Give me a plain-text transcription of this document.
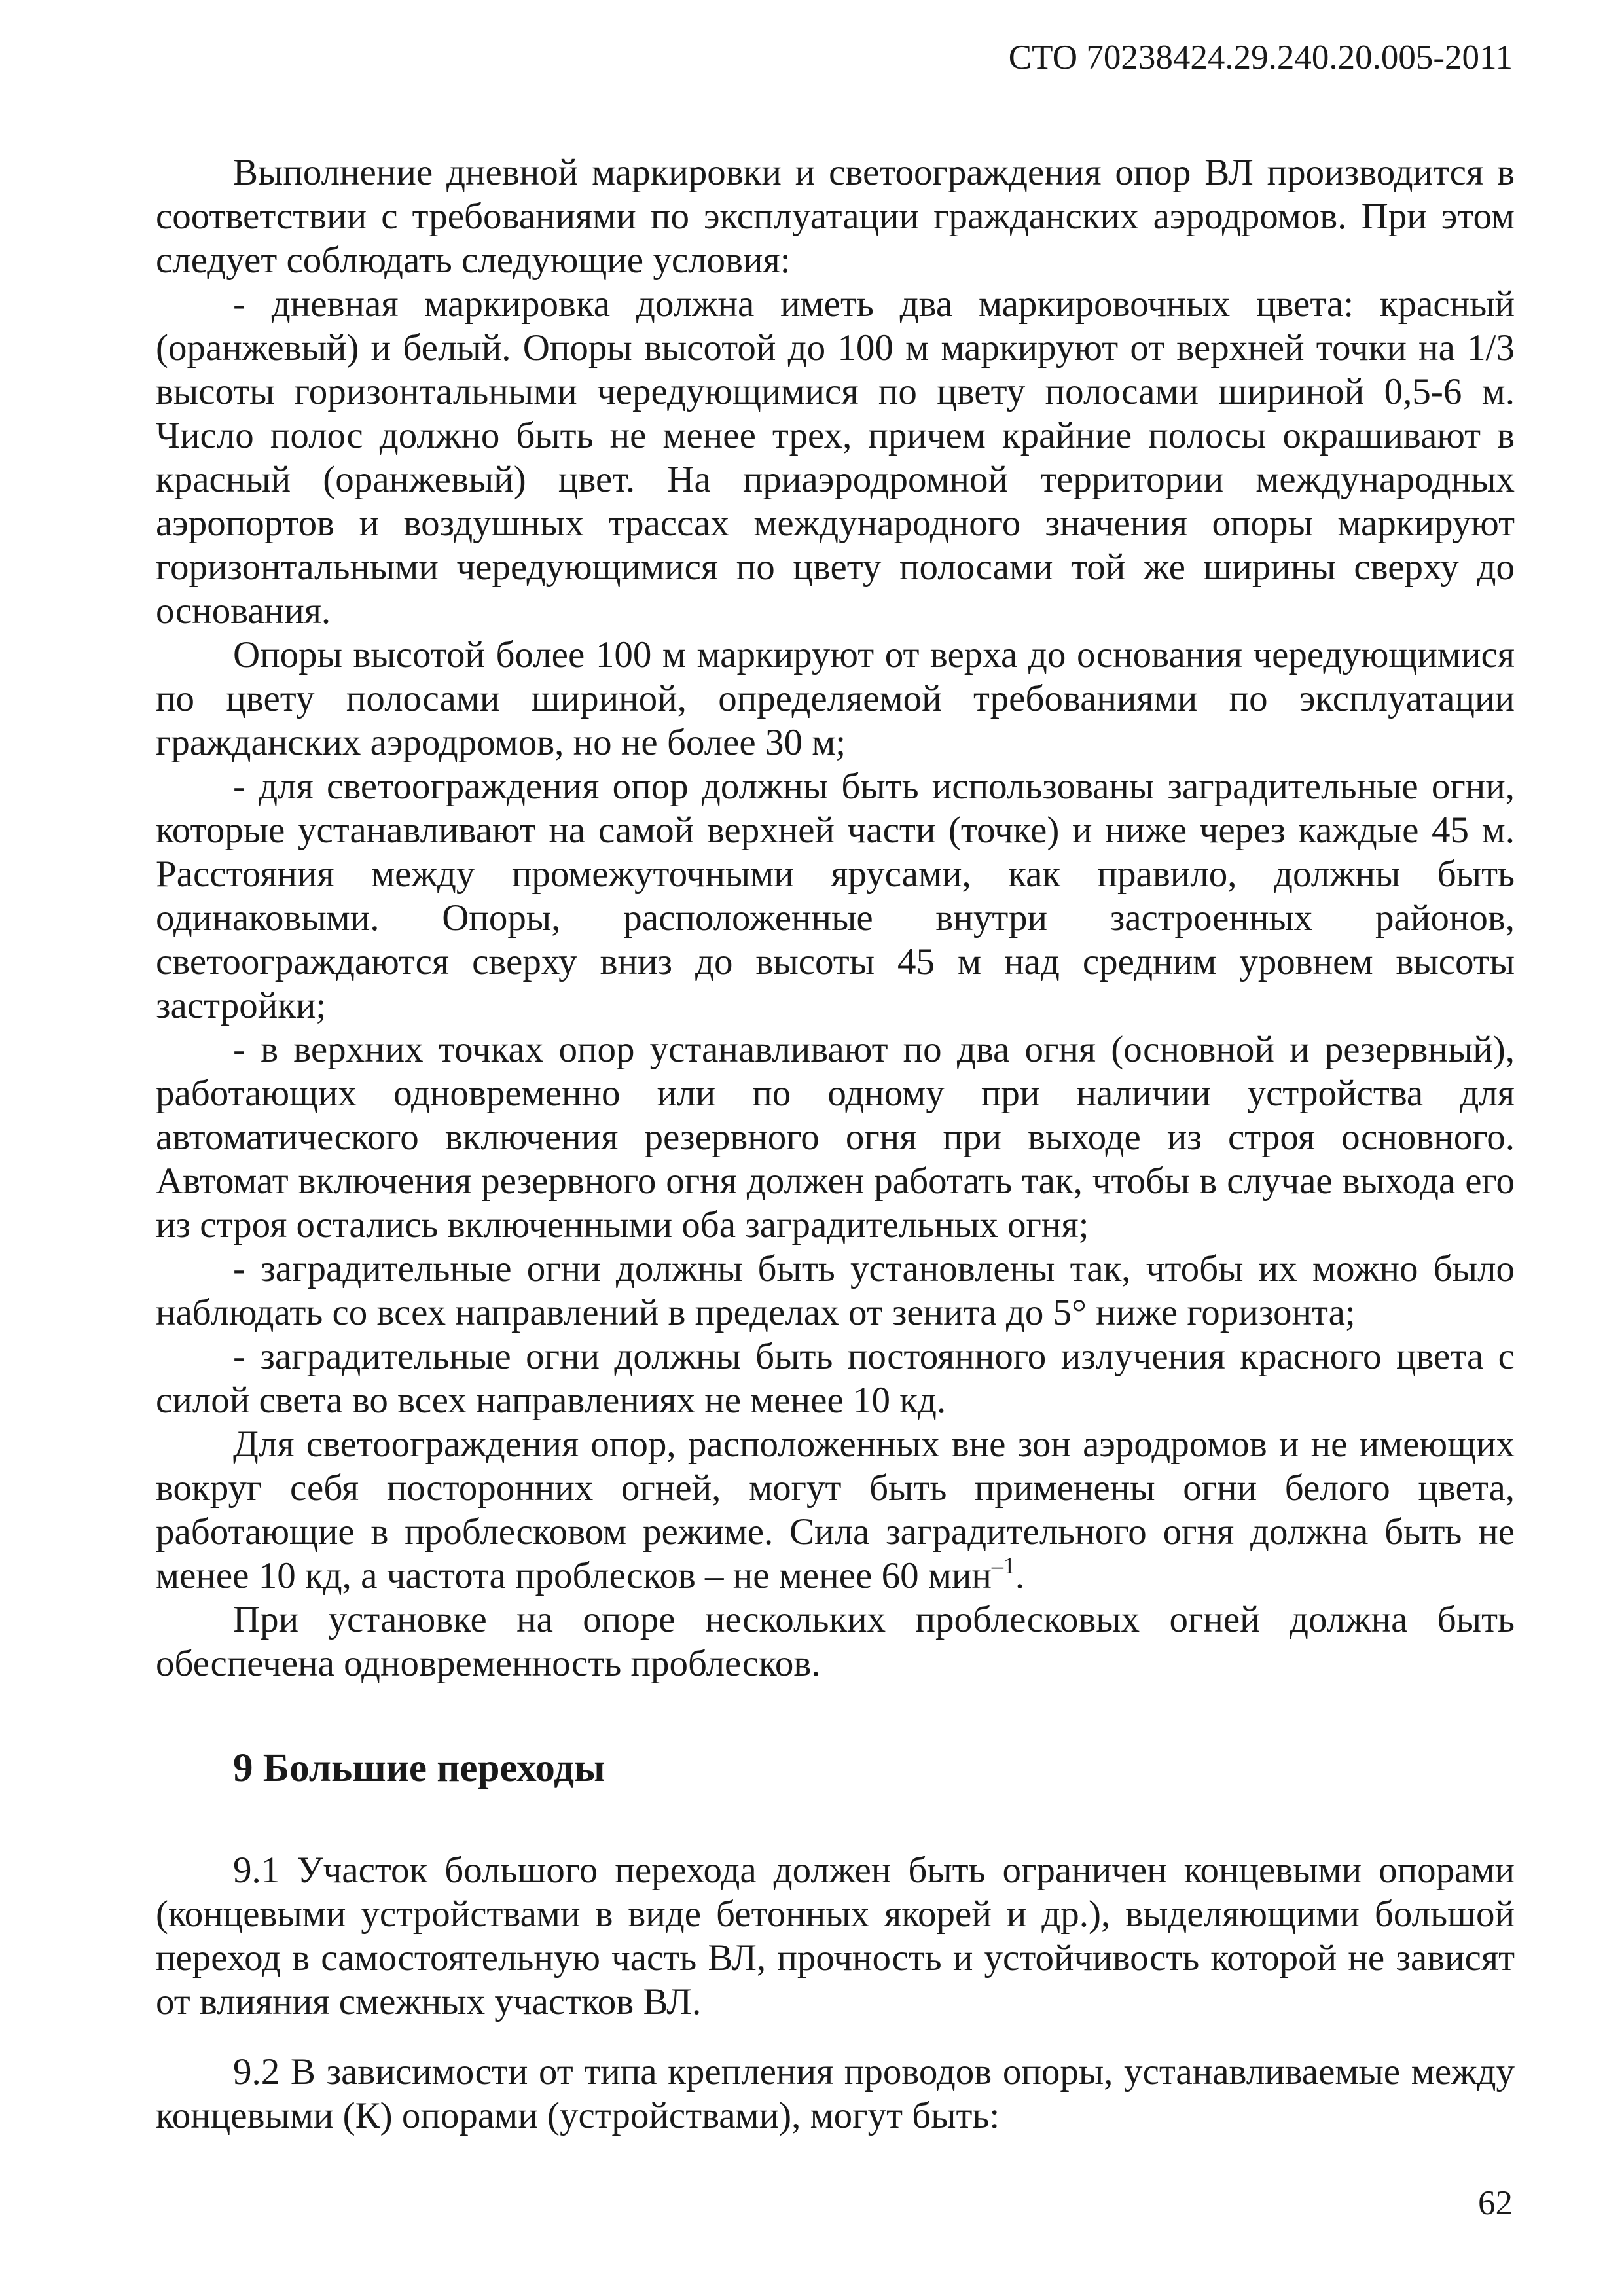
СТО 70238424.29.240.20.005-2011

Выполнение дневной маркировки и светоограждения опор ВЛ производится в соответствии с требованиями по эксплуатации гражданских аэродромов. При этом следует соблюдать следующие условия:

- дневная маркировка должна иметь два маркировочных цвета: красный (оранжевый) и белый. Опоры высотой до 100 м маркируют от верхней точки на 1/3 высоты горизонтальными чередующимися по цвету полосами шириной 0,5-6 м. Число полос должно быть не менее трех, причем крайние полосы окрашивают в красный (оранжевый) цвет. На приаэродромной территории международных аэропортов и воздушных трассах международного значения опоры маркируют горизонтальными чередующимися по цвету полосами той же ширины сверху до основания.

Опоры высотой более 100 м маркируют от верха до основания чередующимися по цвету полосами шириной, определяемой требованиями по эксплуатации гражданских аэродромов, но не более 30 м;

- для светоограждения опор должны быть использованы заградительные огни, которые устанавливают на самой верхней части (точке) и ниже через каждые 45 м. Расстояния между промежуточными ярусами, как правило, должны быть одинаковыми. Опоры, расположенные внутри застроенных районов, светоограждаются сверху вниз до высоты 45 м над средним уровнем высоты застройки;

- в верхних точках опор устанавливают по два огня (основной и резервный), работающих одновременно или по одному при наличии устройства для автоматического включения резервного огня при выходе из строя основного. Автомат включения резервного огня должен работать так, чтобы в случае выхода его из строя остались включенными оба заградительных огня;

- заградительные огни должны быть установлены так, чтобы их можно было наблюдать со всех направлений в пределах от зенита до 5° ниже горизонта;

- заградительные огни должны быть постоянного излучения красного цвета с силой света во всех направлениях не менее 10 кд.

Для светоограждения опор, расположенных вне зон аэродромов и не имеющих вокруг себя посторонних огней, могут быть применены огни белого цвета, работающие в проблесковом режиме. Сила заградительного огня должна быть не менее 10 кд, а частота проблесков – не менее 60 мин$^{-1}$.

При установке на опоре нескольких проблесковых огней должна быть обеспечена одновременность проблесков.

9 Большие переходы

9.1 Участок большого перехода должен быть ограничен концевыми опорами (концевыми устройствами в виде бетонных якорей и др.), выделяющими большой переход в самостоятельную часть ВЛ, прочность и устойчивость которой не зависят от влияния смежных участков ВЛ.

9.2 В зависимости от типа крепления проводов опоры, устанавливаемые между концевыми (К) опорами (устройствами), могут быть:

62
